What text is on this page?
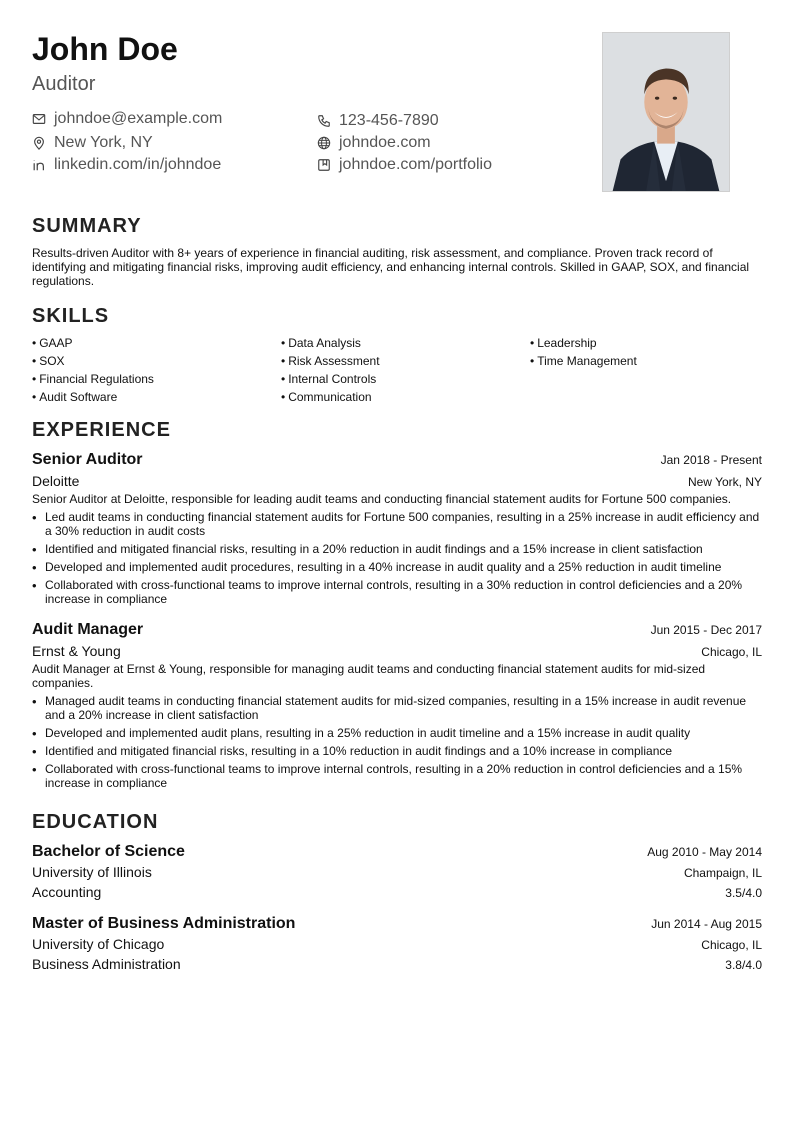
John Doe
Auditor
johndoe@example.com	123-456-7890
New York, NY	johndoe.com
linkedin.com/in/johndoe	johndoe.com/portfolio
SUMMARY
Results-driven Auditor with 8+ years of experience in financial auditing, risk assessment, and compliance. Proven track record of identifying and mitigating financial risks, improving audit efficiency, and enhancing internal controls. Skilled in GAAP, SOX, and financial regulations.
SKILLS
• GAAP	• Data Analysis	• Leadership
• SOX	• Risk Assessment	• Time Management
• Financial Regulations	• Internal Controls
• Audit Software	• Communication
EXPERIENCE
Senior Auditor	Jan 2018 - Present
Deloitte	New York, NY
Senior Auditor at Deloitte, responsible for leading audit teams and conducting financial statement audits for Fortune 500 companies.
• Led audit teams in conducting financial statement audits for Fortune 500 companies, resulting in a 25% increase in audit efficiency and a 30% reduction in audit costs
• Identified and mitigated financial risks, resulting in a 20% reduction in audit findings and a 15% increase in client satisfaction
• Developed and implemented audit procedures, resulting in a 40% increase in audit quality and a 25% reduction in audit timeline
• Collaborated with cross-functional teams to improve internal controls, resulting in a 30% reduction in control deficiencies and a 20% increase in compliance
Audit Manager	Jun 2015 - Dec 2017
Ernst & Young	Chicago, IL
Audit Manager at Ernst & Young, responsible for managing audit teams and conducting financial statement audits for mid-sized companies.
• Managed audit teams in conducting financial statement audits for mid-sized companies, resulting in a 15% increase in audit revenue and a 20% increase in client satisfaction
• Developed and implemented audit plans, resulting in a 25% reduction in audit timeline and a 15% increase in audit quality
• Identified and mitigated financial risks, resulting in a 10% reduction in audit findings and a 10% increase in compliance
• Collaborated with cross-functional teams to improve internal controls, resulting in a 20% reduction in control deficiencies and a 15% increase in compliance
EDUCATION
Bachelor of Science	Aug 2010 - May 2014
University of Illinois	Champaign, IL
Accounting	3.5/4.0
Master of Business Administration	Jun 2014 - Aug 2015
University of Chicago	Chicago, IL
Business Administration	3.8/4.0
